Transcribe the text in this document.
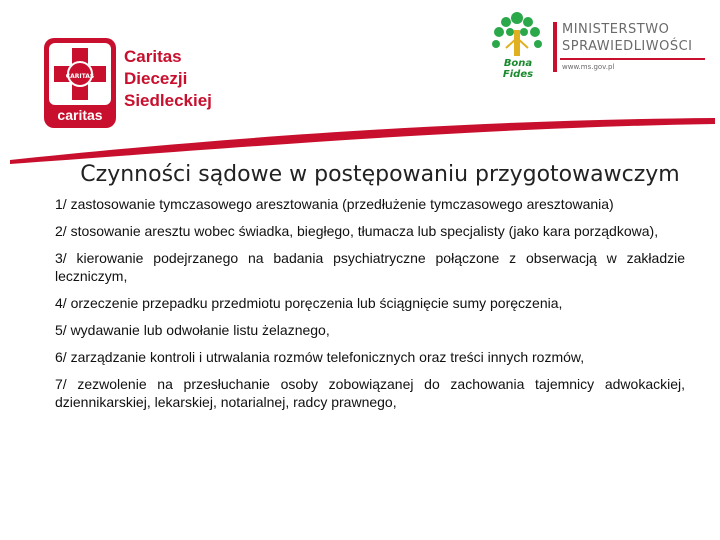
CARITAS
caritas
Caritas
Diecezji
Siedleckiej
Bona Fides
MINISTERSTWO
SPRAWIEDLIWOŚCI
www.ms.gov.pl
Czynności sądowe w postępowaniu przygotowawczym
1/ zastosowanie tymczasowego aresztowania (przedłużenie tymczasowego aresztowania)
2/ stosowanie aresztu wobec świadka, biegłego, tłumacza lub specjalisty (jako kara porządkowa),
3/ kierowanie podejrzanego na badania psychiatryczne połączone z obserwacją w zakładzie leczniczym,
4/ orzeczenie przepadku przedmiotu poręczenia lub ściągnięcie sumy poręczenia,
5/ wydawanie lub odwołanie listu żelaznego,
6/ zarządzanie kontroli i utrwalania rozmów telefonicznych oraz treści innych rozmów,
7/ zezwolenie na przesłuchanie osoby zobowiązanej do zachowania tajemnicy adwokackiej, dziennikarskiej, lekarskiej, notarialnej, radcy prawnego,
